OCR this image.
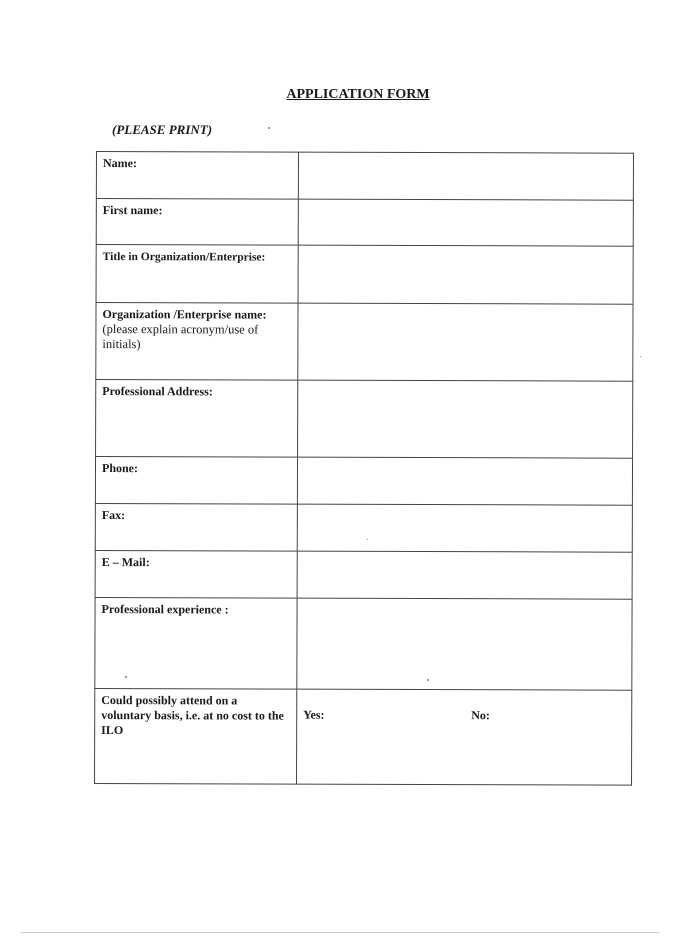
APPLICATION FORM
(PLEASE PRINT)
Name:	
First name:	
Title in Organization/Enterprise:	
Organization /Enterprise name:
(please explain acronym/use of initials)	

Professional Address:	
Phone:	
Fax:	
E – Mail:	
Professional experience :	
Could possibly attend on a voluntary basis, i.e. at no cost to the ILO	Yes: No:
